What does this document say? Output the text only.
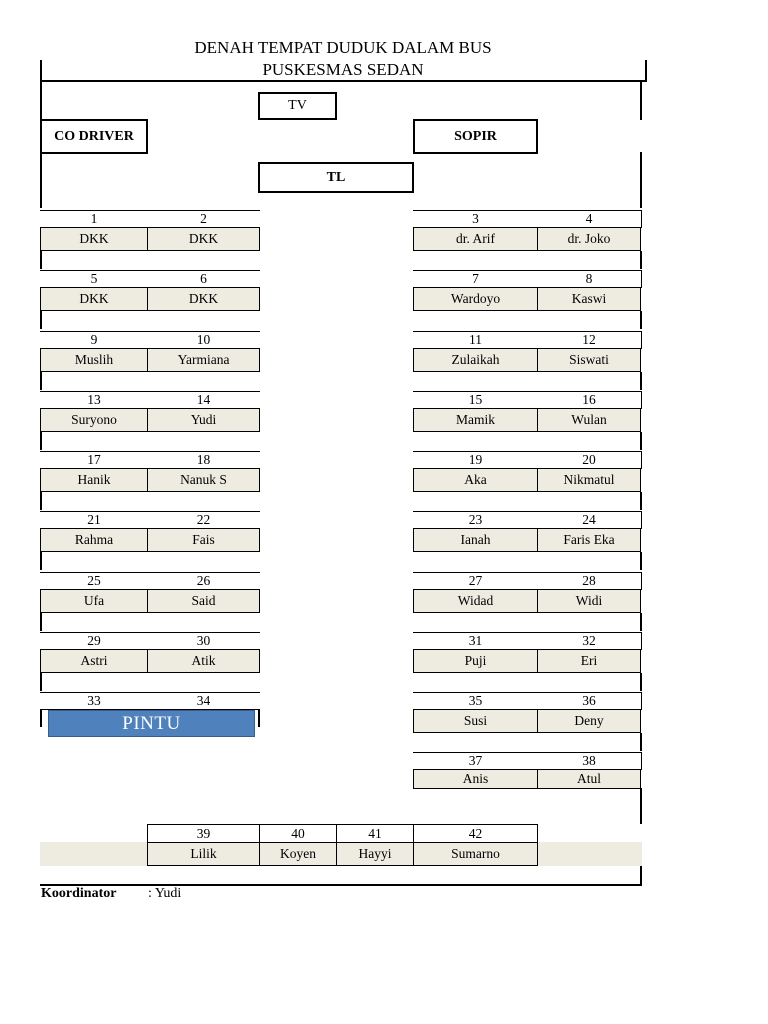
DENAH TEMPAT DUDUK DALAM BUS
PUSKESMAS SEDAN
TV
CO DRIVER	SOPIR
TL
1	2
DKK	DKK
5	6
DKK	DKK
9	10
Muslih	Yarmiana
13	14
Suryono	Yudi
17	18
Hanik	Nanuk S
21	22
Rahma	Fais
25	26
Ufa	Said
29	30
Astri	Atik
33	34
3	4
dr. Arif	dr. Joko
7	8
Wardoyo	Kaswi
11	12
Zulaikah	Siswati
15	16
Mamik	Wulan
19	20
Aka	Nikmatul
23	24
Ianah	Faris Eka
27	28
Widad	Widi
31	32
Puji	Eri
35	36
Susi	Deny
37	38
Anis	Atul
39	40	41	42
Lilik	Koyen	Hayyi	Sumarno
PINTU
Koordinator	: Yudi
